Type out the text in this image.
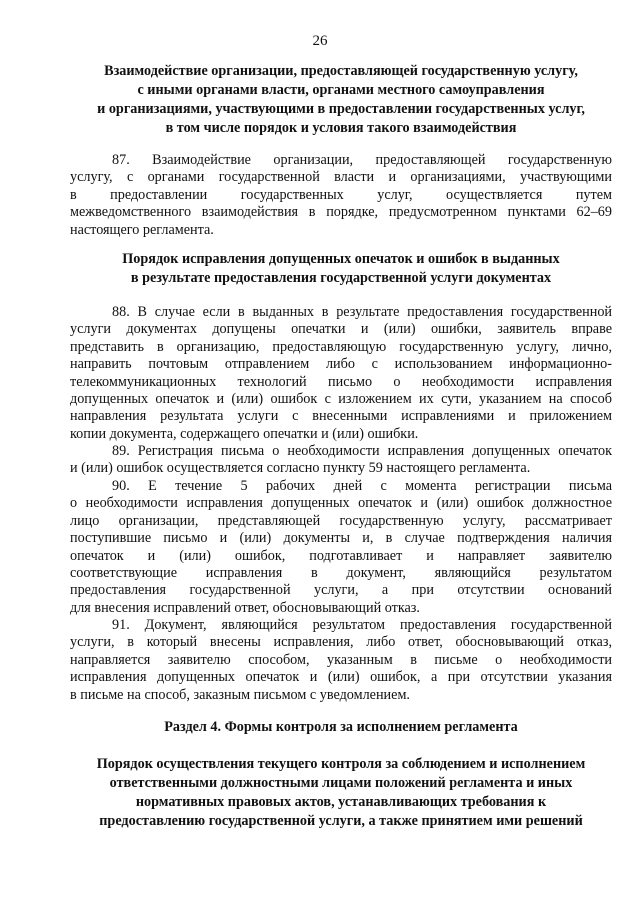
26
Взаимодействие организации, предоставляющей государственную услугу,
с иными органами власти, органами местного самоуправления
и организациями, участвующими в предоставлении государственных услуг,
в том числе порядок и условия такого взаимодействия
87. Взаимодействие организации, предоставляющей государственную
услугу, с органами государственной власти и организациями, участвующими
в предоставлении государственных услуг, осуществляется путем
межведомственного взаимодействия в порядке, предусмотренном пунктами 62–69
настоящего регламента.
Порядок исправления допущенных опечаток и ошибок в выданных
в результате предоставления государственной услуги документах
88. В случае если в выданных в результате предоставления государственной
услуги документах допущены опечатки и (или) ошибки, заявитель вправе
представить в организацию, предоставляющую государственную услугу, лично,
направить почтовым отправлением либо с использованием информационно-
телекоммуникационных технологий письмо о необходимости исправления
допущенных опечаток и (или) ошибок с изложением их сути, указанием на способ
направления результата услуги с внесенными исправлениями и приложением
копии документа, содержащего опечатки и (или) ошибки.
89. Регистрация письма о необходимости исправления допущенных опечаток
и (или) ошибок осуществляется согласно пункту 59 настоящего регламента.
90. Е течение 5 рабочих дней с момента регистрации письма
о необходимости исправления допущенных опечаток и (или) ошибок должностное
лицо организации, представляющей государственную услугу, рассматривает
поступившие письмо и (или) документы и, в случае подтверждения наличия
опечаток и (или) ошибок, подготавливает и направляет заявителю
соответствующие исправления в документ, являющийся результатом
предоставления государственной услуги, а при отсутствии оснований
для внесения исправлений ответ, обосновывающий отказ.
91. Документ, являющийся результатом предоставления государственной
услуги, в который внесены исправления, либо ответ, обосновывающий отказ,
направляется заявителю способом, указанным в письме о необходимости
исправления допущенных опечаток и (или) ошибок, а при отсутствии указания
в письме на способ, заказным письмом с уведомлением.
Раздел 4. Формы контроля за исполнением регламента
Порядок осуществления текущего контроля за соблюдением и исполнением
ответственными должностными лицами положений регламента и иных
нормативных правовых актов, устанавливающих требования к
предоставлению государственной услуги, а также принятием ими решений
